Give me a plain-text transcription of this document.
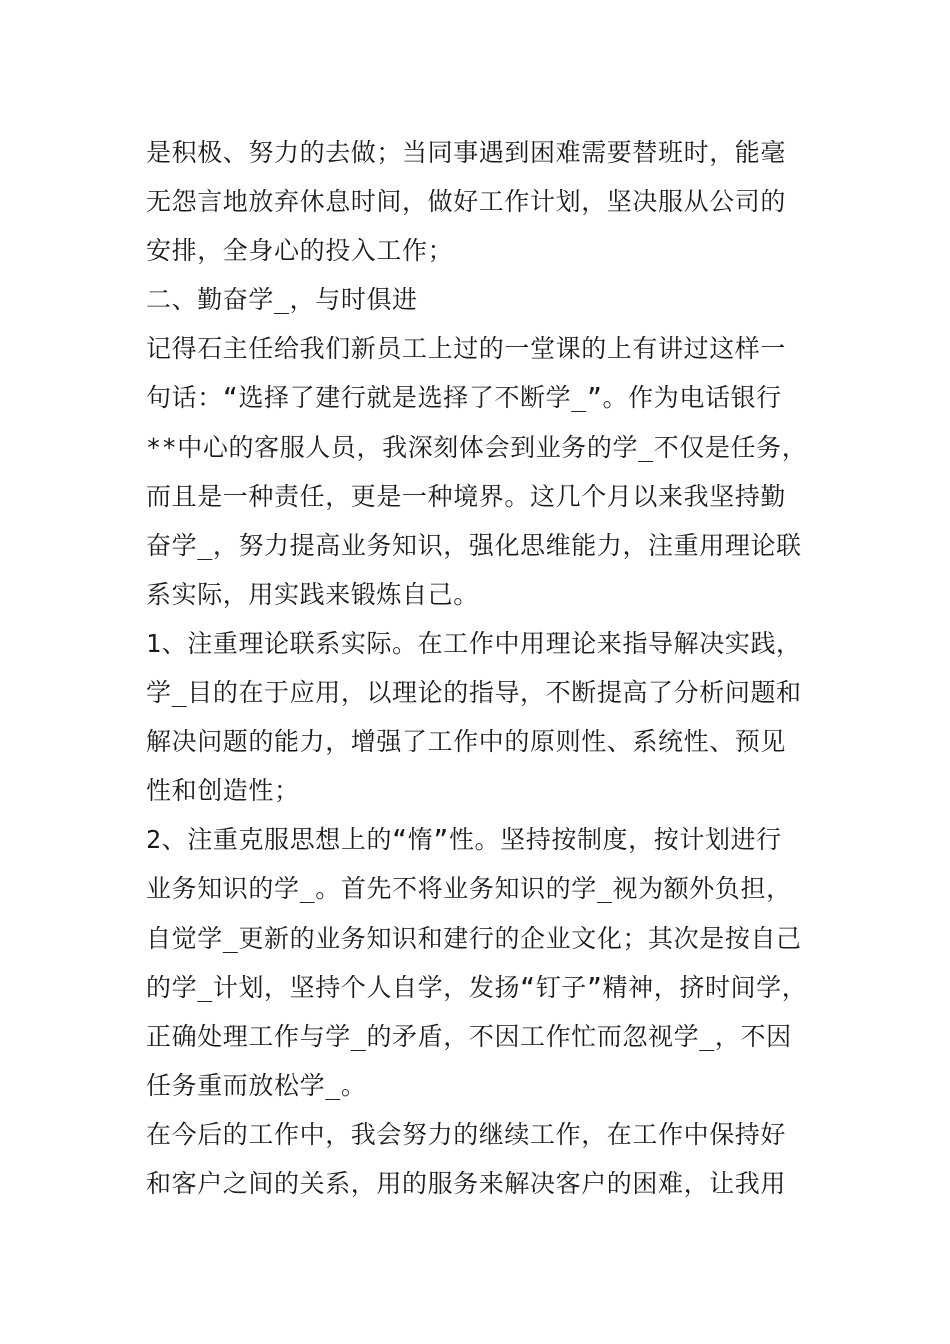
是积极、努力的去做；当同事遇到困难需要替班时，能毫
无怨言地放弃休息时间，做好工作计划，坚决服从公司的
安排，全身心的投入工作；
二、勤奋学_，与时俱进
记得石主任给我们新员工上过的一堂课的上有讲过这样一
句话：“选择了建行就是选择了不断学_”。作为电话银行
**中心的客服人员，我深刻体会到业务的学_不仅是任务，
而且是一种责任，更是一种境界。这几个月以来我坚持勤
奋学_，努力提高业务知识，强化思维能力，注重用理论联
系实际，用实践来锻炼自己。
1、注重理论联系实际。在工作中用理论来指导解决实践，
学_目的在于应用，以理论的指导，不断提高了分析问题和
解决问题的能力，增强了工作中的原则性、系统性、预见
性和创造性；
2、注重克服思想上的“惰”性。坚持按制度，按计划进行
业务知识的学_。首先不将业务知识的学_视为额外负担，
自觉学_更新的业务知识和建行的企业文化；其次是按自己
的学_计划，坚持个人自学，发扬“钉子”精神，挤时间学，
正确处理工作与学_的矛盾，不因工作忙而忽视学_，不因
任务重而放松学_。
在今后的工作中，我会努力的继续工作，在工作中保持好
和客户之间的关系，用的服务来解决客户的困难，让我用
